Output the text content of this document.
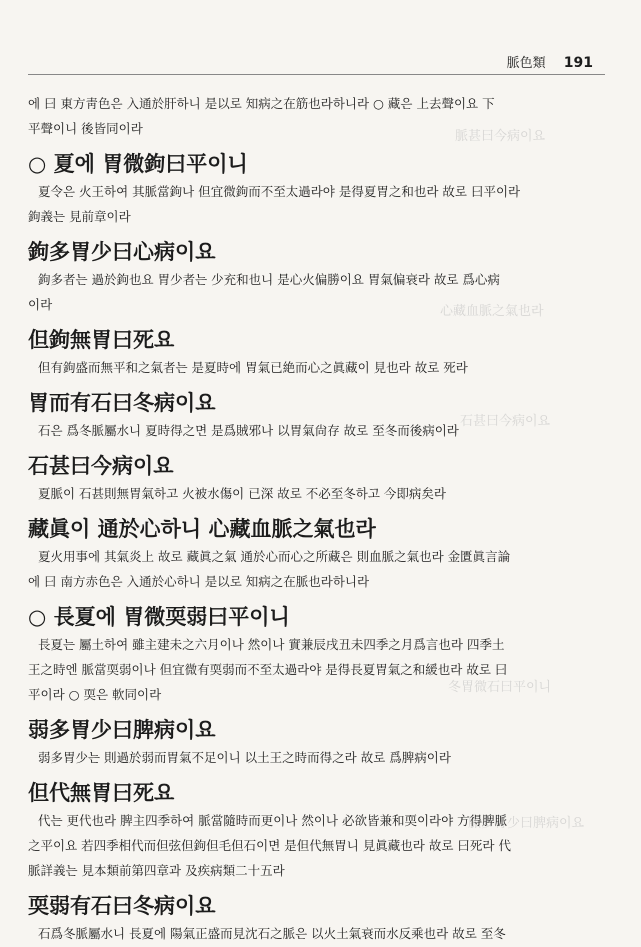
脈色類 191
脈甚曰今病이요
心藏血脈之氣也라
石甚曰今病이요
冬胃微石曰平이니
脈多胃少曰脾病이요

에 曰 東方靑色은 入通於肝하니 是以로 知病之在筋也라하니라 ○ 藏은 上去聲이요 下

平聲이니 後皆同이라

○ 夏에 胃微鉤曰平이니

夏令은 火王하여 其脈當鉤나 但宜微鉤而不至太過라야 是得夏胃之和也라 故로 曰平이라

鉤義는 見前章이라

鉤多胃少曰心病이요

鉤多者는 過於鉤也요 胃少者는 少充和也니 是心火偏勝이요 胃氣偏衰라 故로 爲心病

이라

但鉤無胃曰死요

但有鉤盛而無平和之氣者는 是夏時에 胃氣已絶而心之眞藏이 見也라 故로 死라

胃而有石曰冬病이요

石은 爲冬脈屬水니 夏時得之면 是爲賊邪나 以胃氣尙存 故로 至冬而後病이라

石甚曰今病이요

夏脈이 石甚則無胃氣하고 火被水傷이 已深 故로 不必至冬하고 今即病矣라

藏眞이 通於心하니 心藏血脈之氣也라

夏火用事에 其氣炎上 故로 藏眞之氣 通於心而心之所藏은 則血脈之氣也라 金匱眞言論

에 曰 南方赤色은 入通於心하니 是以로 知病之在脈也라하니라

○ 長夏에 胃微耎弱曰平이니

長夏는 屬土하여 雖主建未之六月이나 然이나 實兼辰戌丑未四季之月爲言也라 四季土

王之時엔 脈當耎弱이나 但宜微有耎弱而不至太過라야 是得長夏胃氣之和緩也라 故로 曰

平이라 ○ 耎은 軟同이라

弱多胃少曰脾病이요

弱多胃少는 則過於弱而胃氣不足이니 以土王之時而得之라 故로 爲脾病이라

但代無胃曰死요

代는 更代也라 脾主四季하여 脈當隨時而更이나 然이나 必欲皆兼和耎이라야 方得脾脈

之平이요 若四季相代而但弦但鉤但毛但石이면 是但代無胃니 見眞藏也라 故로 曰死라 代

脈詳義는 見本類前第四章과 及疾病類二十五라

耎弱有石曰冬病이요

石爲冬脈屬水니 長夏에 陽氣正盛而見沈石之脈은 以火土氣衰而水反乘也라 故로 至冬
